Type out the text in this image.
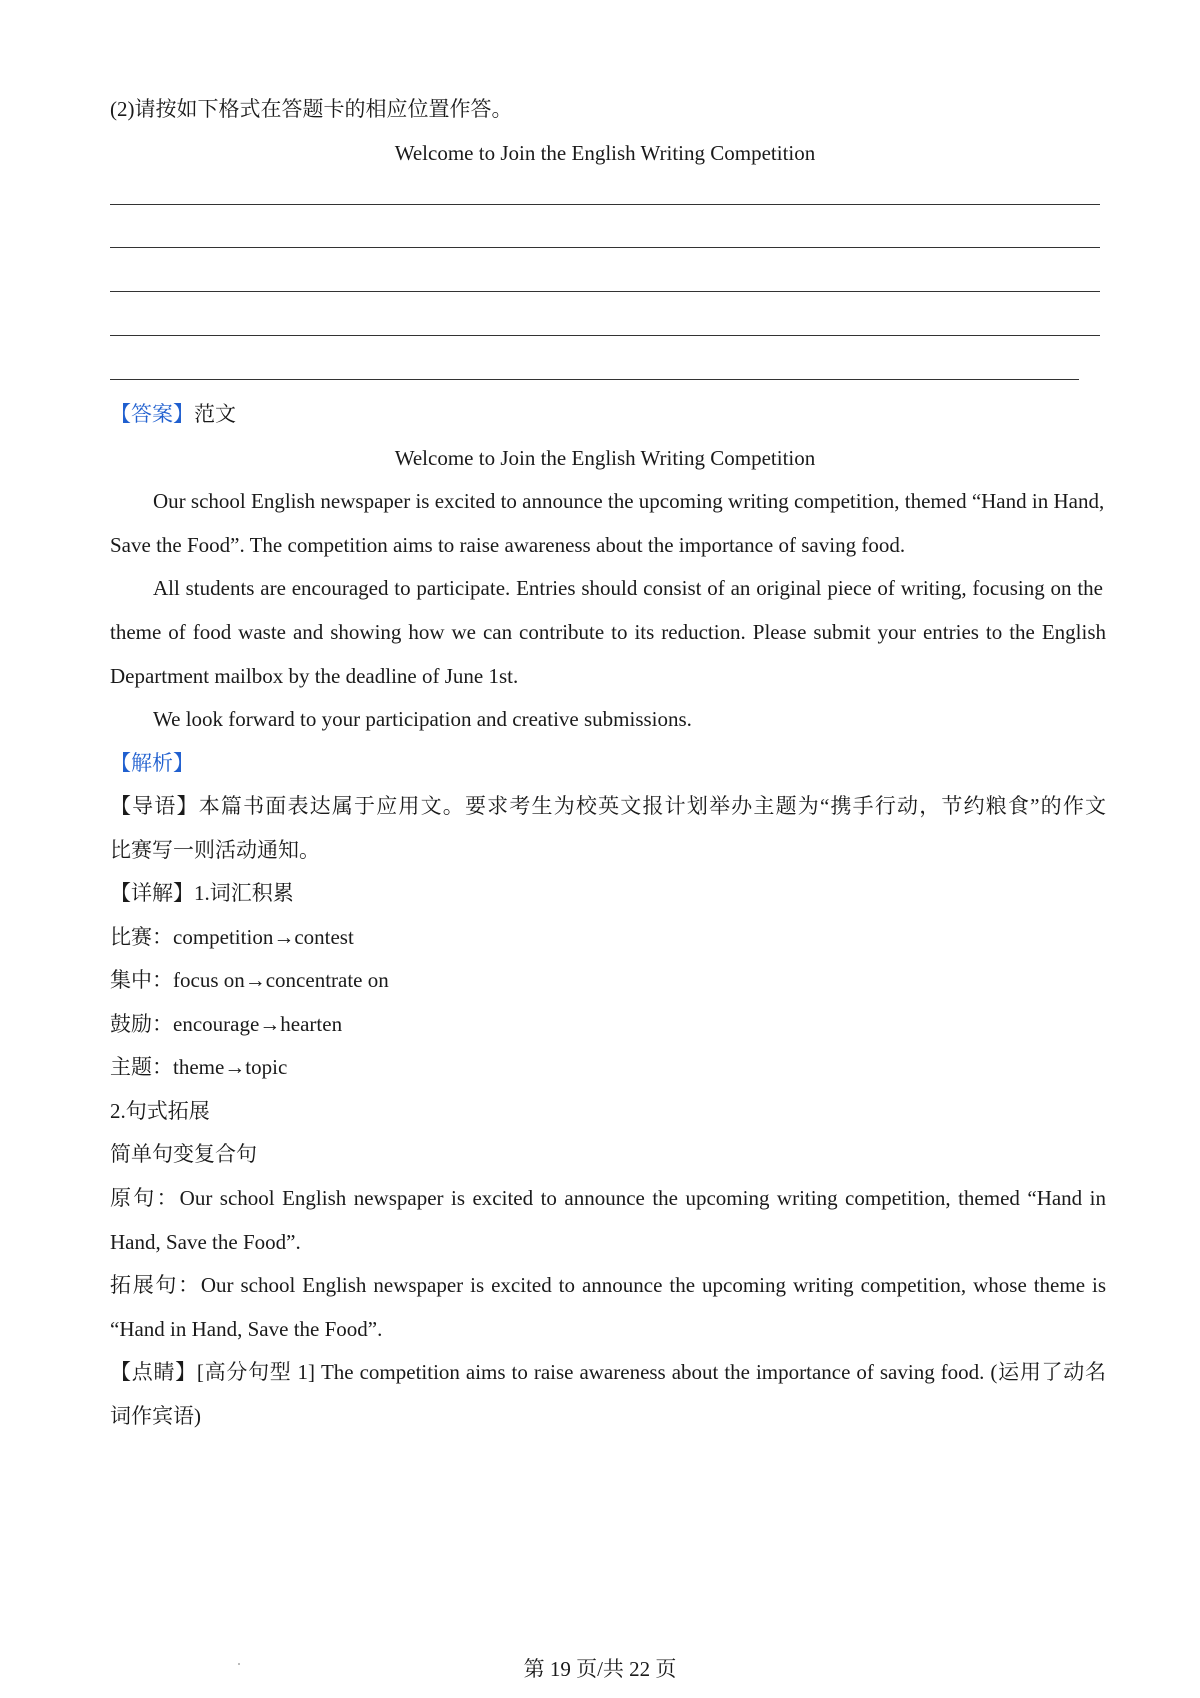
(2)请按如下格式在答题卡的相应位置作答。
Welcome to Join the English Writing Competition
【答案】范文
Welcome to Join the English Writing Competition
Our school English newspaper is excited to announce the upcoming writing competition, themed “Hand in Hand,
Save the Food”. The competition aims to raise awareness about the importance of saving food.
All students are encouraged to participate. Entries should consist of an original piece of writing, focusing on the
theme of food waste and showing how we can contribute to its reduction. Please submit your entries to the English
Department mailbox by the deadline of June 1st.
We look forward to your participation and creative submissions.
【解析】
【导语】本篇书面表达属于应用文。要求考生为校英文报计划举办主题为“携手行动，节约粮食”的作文
比赛写一则活动通知。
【详解】1.词汇积累
比赛：competition→contest
集中：focus on→concentrate on
鼓励：encourage→hearten
主题：theme→topic
2.句式拓展
简单句变复合句
原句：Our school English newspaper is excited to announce the upcoming writing competition, themed “Hand in
Hand, Save the Food”.
拓展句：Our school English newspaper is excited to announce the upcoming writing competition, whose theme is
“Hand in Hand, Save the Food”.
【点睛】[高分句型 1] The competition aims to raise awareness about the importance of saving food. (运用了动名
词作宾语)
第 19 页/共 22 页
